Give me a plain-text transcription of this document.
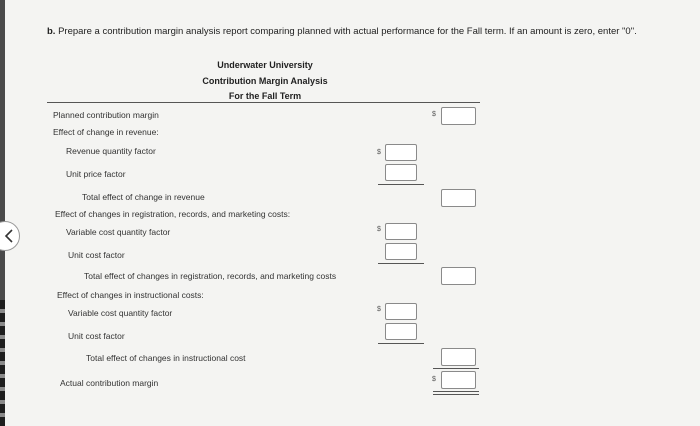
b. Prepare a contribution margin analysis report comparing planned with actual performance for the Fall term. If an amount is zero, enter "0".
Underwater University
Contribution Margin Analysis
For the Fall Term
Planned contribution margin	$
Effect of change in revenue:
Revenue quantity factor	$
Unit price factor
Total effect of change in revenue
Effect of changes in registration, records, and marketing costs:
Variable cost quantity factor	$
Unit cost factor
Total effect of changes in registration, records, and marketing costs
Effect of changes in instructional costs:
Variable cost quantity factor	$
Unit cost factor
Total effect of changes in instructional cost
Actual contribution margin	$
